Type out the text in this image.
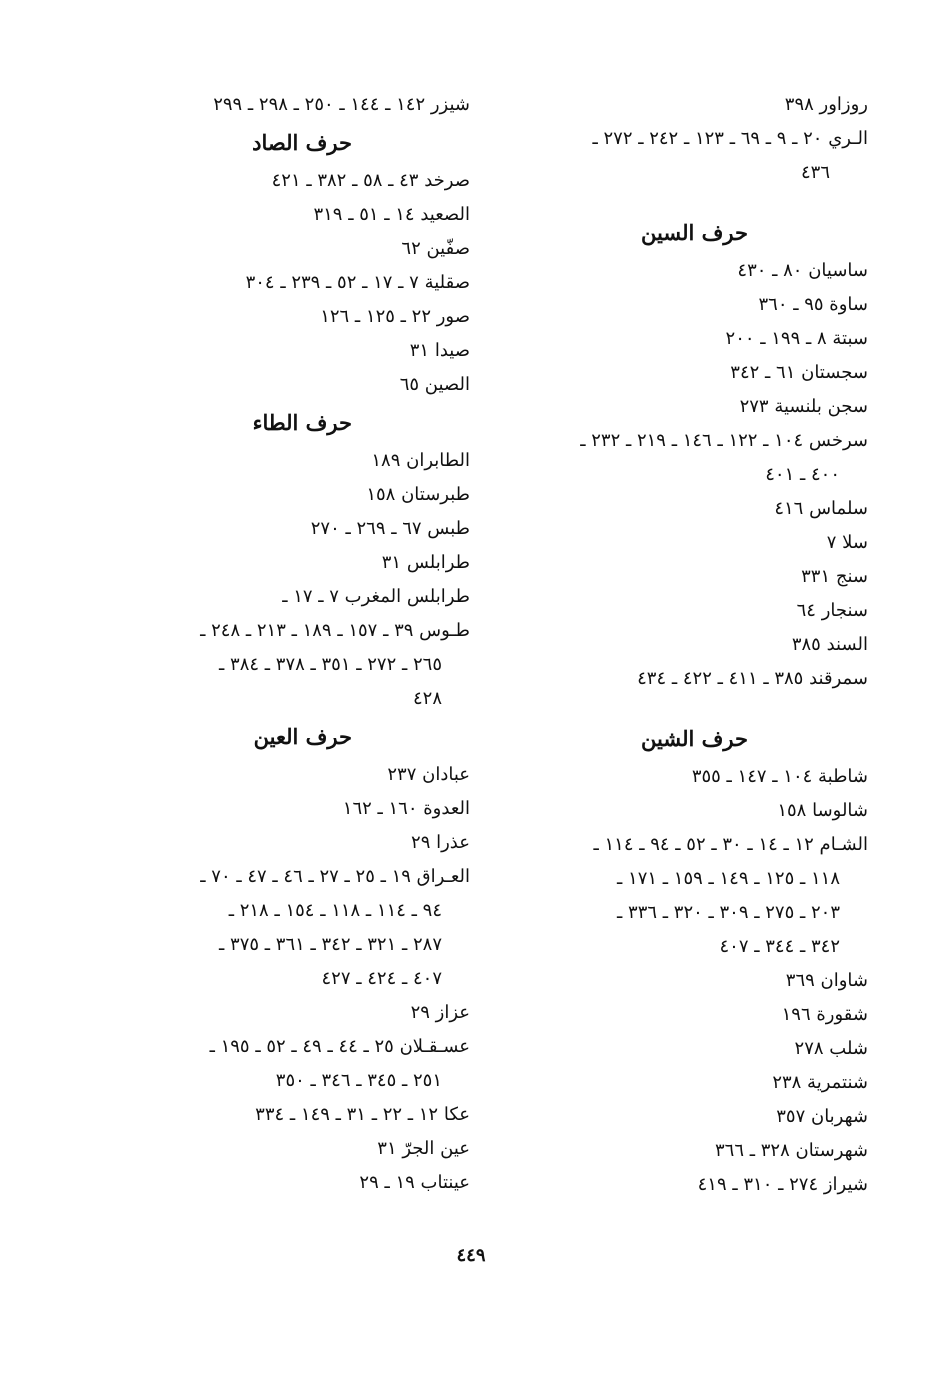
روزاور ٣٩٨
الـري ٢٠ ـ ٩ ـ ٦٩ ـ ١٢٣ ـ ٢٤٢ ـ ٢٧٢ ـ
٤٣٦
حرف السين
ساسيان ٨٠ ـ ٤٣٠
ساوة ٩٥ ـ ٣٦٠
سبتة ٨ ـ ١٩٩ ـ ٢٠٠
سجستان ٦١ ـ ٣٤٢
سجن بلنسية ٢٧٣
سرخس ١٠٤ ـ ١٢٢ ـ ١٤٦ ـ ٢١٩ ـ ٢٣٢ ـ
٤٠٠ ـ ٤٠١
سلماس ٤١٦
سلا ٧
سنج ٣٣١
سنجار ٦٤
السند ٣٨٥
سمرقند ٣٨٥ ـ ٤١١ ـ ٤٢٢ ـ ٤٣٤
حرف الشين
شاطبة ١٠٤ ـ ١٤٧ ـ ٣٥٥
شالوسا ١٥٨
الشـام ١٢ ـ ١٤ ـ ٣٠ ـ ٥٢ ـ ٩٤ ـ ١١٤ ـ
١١٨ ـ ١٢٥ ـ ١٤٩ ـ ١٥٩ ـ ١٧١ ـ
٢٠٣ ـ ٢٧٥ ـ ٣٠٩ ـ ٣٢٠ ـ ٣٣٦ ـ
٣٤٢ ـ ٣٤٤ ـ ٤٠٧
شاوان ٣٦٩
شقورة ١٩٦
شلب ٢٧٨
شنتمرية ٢٣٨
شهربان ٣٥٧
شهرستان ٣٢٨ ـ ٣٦٦
شيراز ٢٧٤ ـ ٣١٠ ـ ٤١٩
شيزر ١٤٢ ـ ١٤٤ ـ ٢٥٠ ـ ٢٩٨ ـ ٢٩٩
حرف الصاد
صرخد ٤٣ ـ ٥٨ ـ ٣٨٢ ـ ٤٢١
الصعيد ١٤ ـ ٥١ ـ ٣١٩
صفّين ٦٢
صقلية ٧ ـ ١٧ ـ ٥٢ ـ ٢٣٩ ـ ٣٠٤
صور ٢٢ ـ ١٢٥ ـ ١٢٦
صيدا ٣١
الصين ٦٥
حرف الطاء
الطابران ١٨٩
طبرستان ١٥٨
طبس ٦٧ ـ ٢٦٩ ـ ٢٧٠
طرابلس ٣١
طرابلس المغرب ٧ ـ ١٧ ـ
طـوس ٣٩ ـ ١٥٧ ـ ١٨٩ ـ ٢١٣ ـ ٢٤٨ ـ
٢٦٥ ـ ٢٧٢ ـ ٣٥١ ـ ٣٧٨ ـ ٣٨٤ ـ
٤٢٨
حرف العين
عبادان ٢٣٧
العدوة ١٦٠ ـ ١٦٢
عذرا ٢٩
العـراق ١٩ ـ ٢٥ ـ ٢٧ ـ ٤٦ ـ ٤٧ ـ ٧٠ ـ
٩٤ ـ ١١٤ ـ ١١٨ ـ ١٥٤ ـ ٢١٨ ـ
٢٨٧ ـ ٣٢١ ـ ٣٤٢ ـ ٣٦١ ـ ٣٧٥ ـ
٤٠٧ ـ ٤٢٤ ـ ٤٢٧
عزاز ٢٩
عسـقـلان ٢٥ ـ ٤٤ ـ ٤٩ ـ ٥٢ ـ ١٩٥ ـ
٢٥١ ـ ٣٤٥ ـ ٣٤٦ ـ ٣٥٠
عكا ١٢ ـ ٢٢ ـ ٣١ ـ ١٤٩ ـ ٣٣٤
عين الجرّ ٣١
عينتاب ١٩ ـ ٢٩
٤٤٩
